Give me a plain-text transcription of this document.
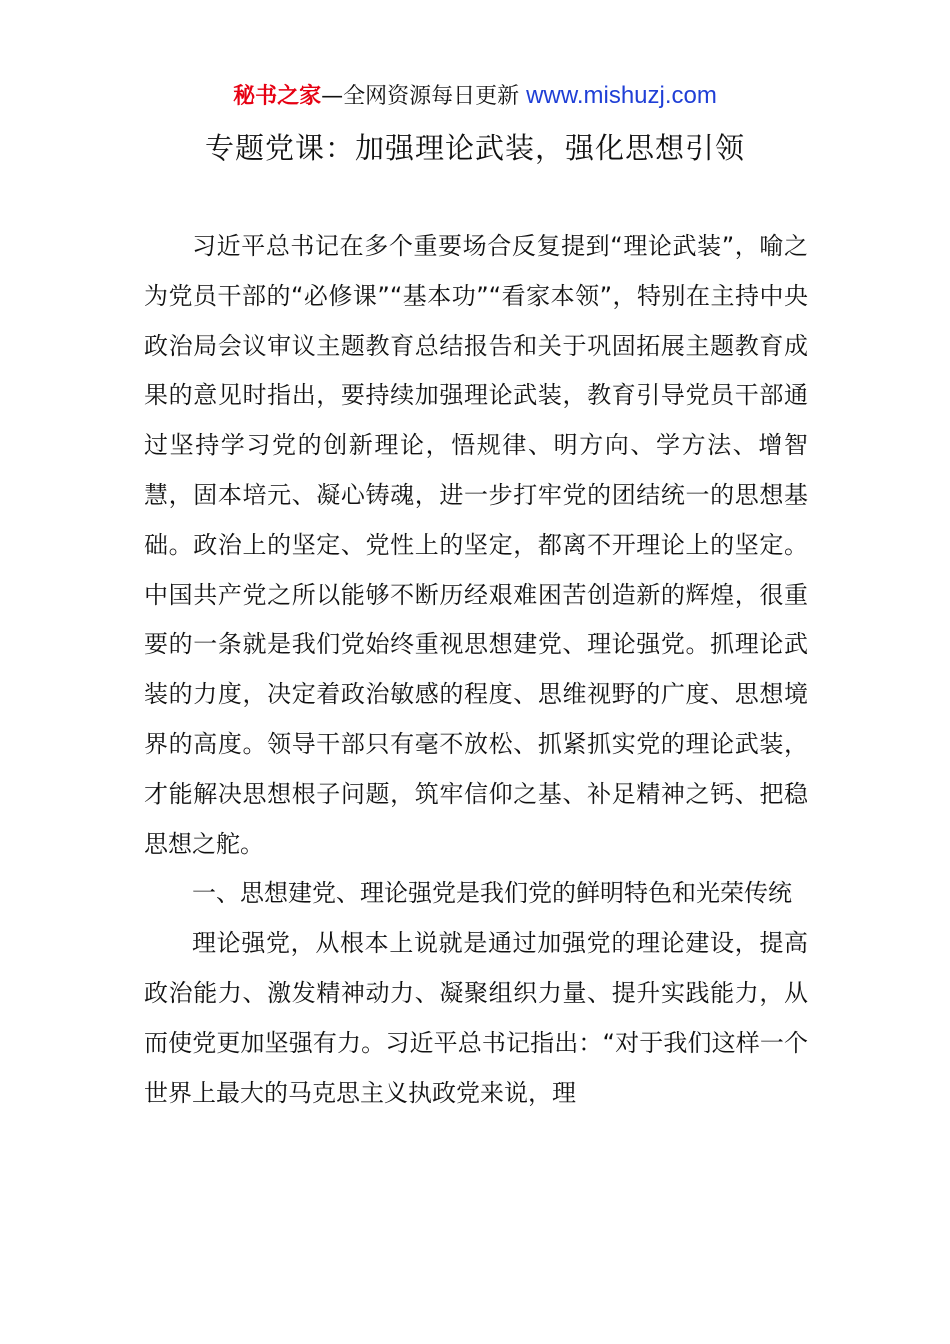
秘书之家—全网资源每日更新 www.mishuzj.com
专题党课：加强理论武装，强化思想引领

习近平总书记在多个重要场合反复提到“理论武装”，喻之为党员干部的“必修课”“基本功”“看家本领”，特别在主持中央政治局会议审议主题教育总结报告和关于巩固拓展主题教育成果的意见时指出，要持续加强理论武装，教育引导党员干部通过坚持学习党的创新理论，悟规律、明方向、学方法、增智慧，固本培元、凝心铸魂，进一步打牢党的团结统一的思想基础。政治上的坚定、党性上的坚定，都离不开理论上的坚定。中国共产党之所以能够不断历经艰难困苦创造新的辉煌，很重要的一条就是我们党始终重视思想建党、理论强党。抓理论武装的力度，决定着政治敏感的程度、思维视野的广度、思想境界的高度。领导干部只有毫不放松、抓紧抓实党的理论武装，才能解决思想根子问题，筑牢信仰之基、补足精神之钙、把稳思想之舵。

一、思想建党、理论强党是我们党的鲜明特色和光荣传统

理论强党，从根本上说就是通过加强党的理论建设，提高政治能力、激发精神动力、凝聚组织力量、提升实践能力，从而使党更加坚强有力。习近平总书记指出：“对于我们这样一个世界上最大的马克思主义执政党来说，理
